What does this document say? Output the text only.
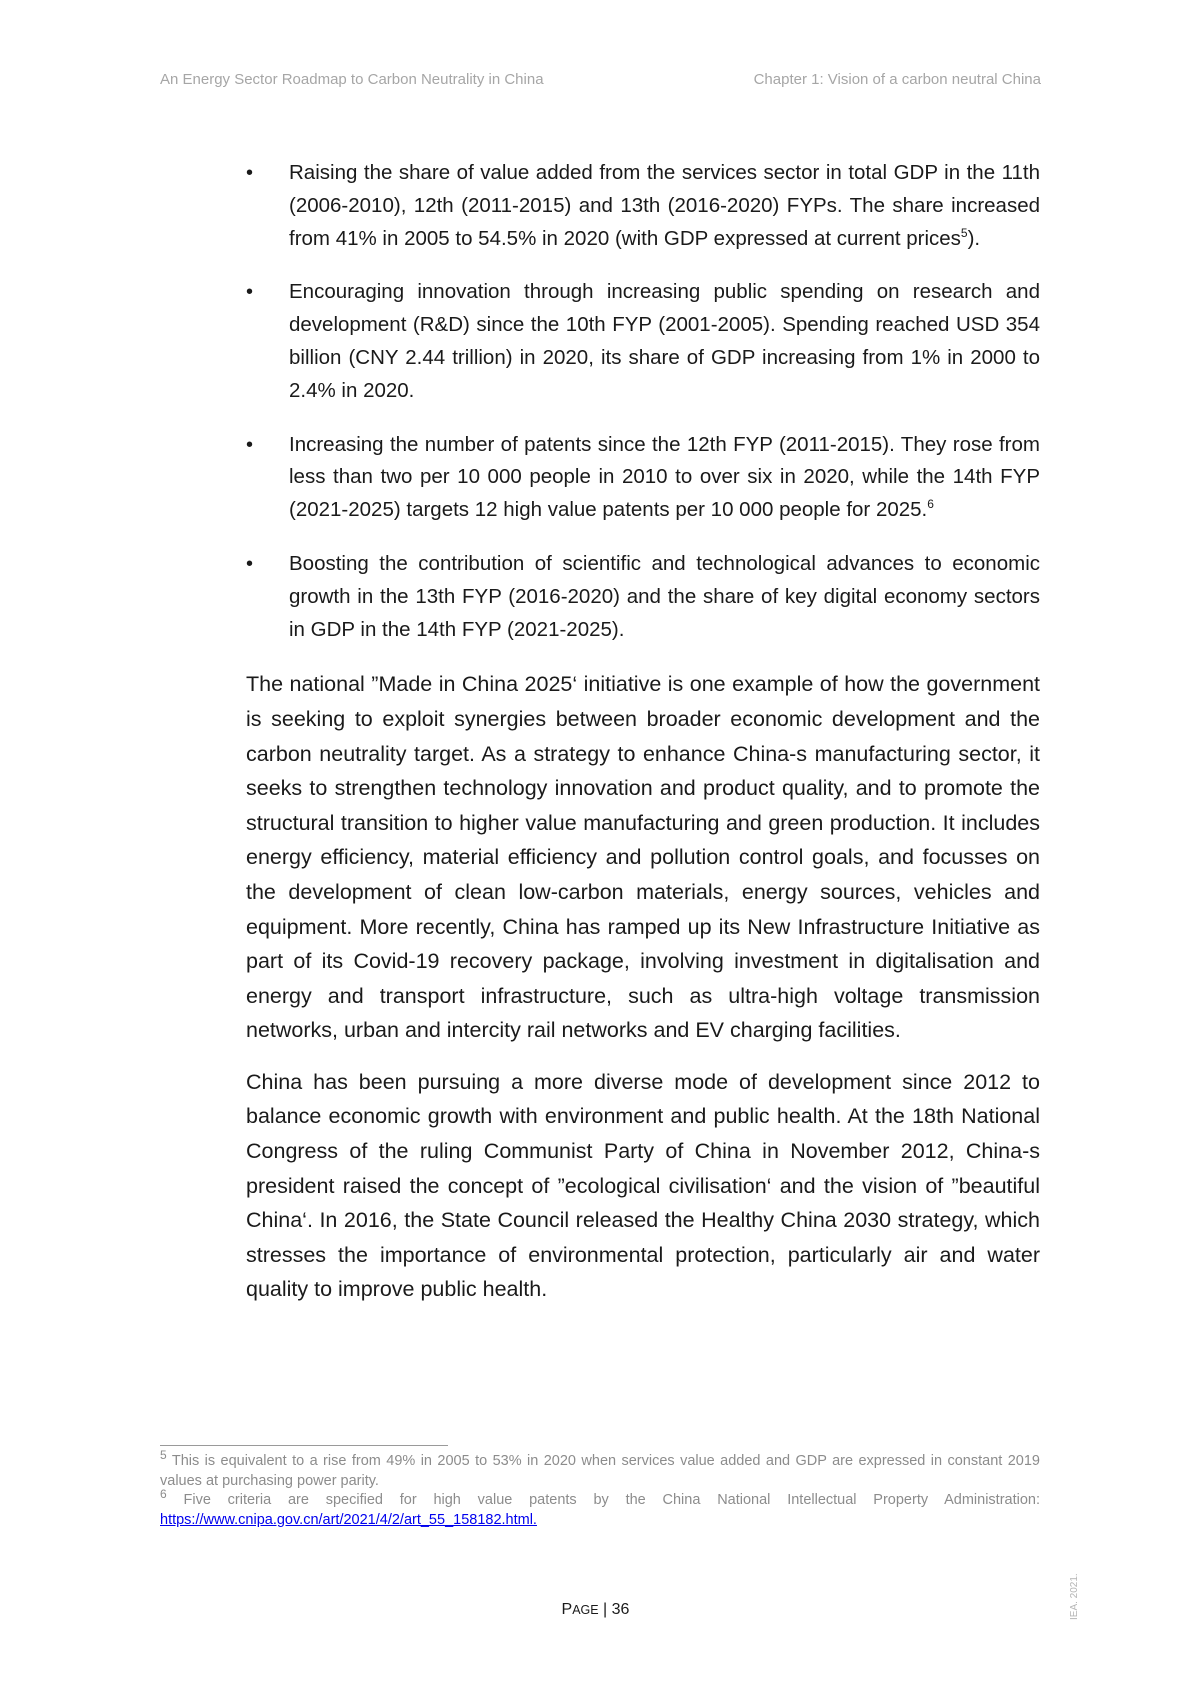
An Energy Sector Roadmap to Carbon Neutrality in China	Chapter 1: Vision of a carbon neutral China
• Raising the share of value added from the services sector in total GDP in the 11th (2006-2010), 12th (2011-2015) and 13th (2016-2020) FYPs. The share increased from 41% in 2005 to 54.5% in 2020 (with GDP expressed at current prices$^5$).
• Encouraging innovation through increasing public spending on research and development (R&D) since the 10th FYP (2001-2005). Spending reached USD 354 billion (CNY 2.44 trillion) in 2020, its share of GDP increasing from 1% in 2000 to 2.4% in 2020.
• Increasing the number of patents since the 12th FYP (2011-2015). They rose from less than two per 10 000 people in 2010 to over six in 2020, while the 14th FYP (2021-2025) targets 12 high value patents per 10 000 people for 2025.$^6$
• Boosting the contribution of scientific and technological advances to economic growth in the 13th FYP (2016-2020) and the share of key digital economy sectors in GDP in the 14th FYP (2021-2025).

The national ”Made in China 2025‘ initiative is one example of how the government is seeking to exploit synergies between broader economic development and the carbon neutrality target. As a strategy to enhance China‑s manufacturing sector, it seeks to strengthen technology innovation and product quality, and to promote the structural transition to higher value manufacturing and green production. It includes energy efficiency, material efficiency and pollution control goals, and focusses on the development of clean low-carbon materials, energy sources, vehicles and equipment. More recently, China has ramped up its New Infrastructure Initiative as part of its Covid-19 recovery package, involving investment in digitalisation and energy and transport infrastructure, such as ultra-high voltage transmission networks, urban and intercity rail networks and EV charging facilities.

China has been pursuing a more diverse mode of development since 2012 to balance economic growth with environment and public health. At the 18th National Congress of the ruling Communist Party of China in November 2012, China‑s president raised the concept of ”ecological civilisation‘ and the vision of ”beautiful China‘. In 2016, the State Council released the Healthy China 2030 strategy, which stresses the importance of environmental protection, particularly air and water quality to improve public health.

$^5$ This is equivalent to a rise from 49% in 2005 to 53% in 2020 when services value added and GDP are expressed in constant 2019 values at purchasing power parity.

$^6$ Five criteria are specified for high value patents by the China National Intellectual Property Administration: https://www.cnipa.gov.cn/art/2021/4/2/art_55_158182.html.

PAGE | 36	IEA. 2021.
